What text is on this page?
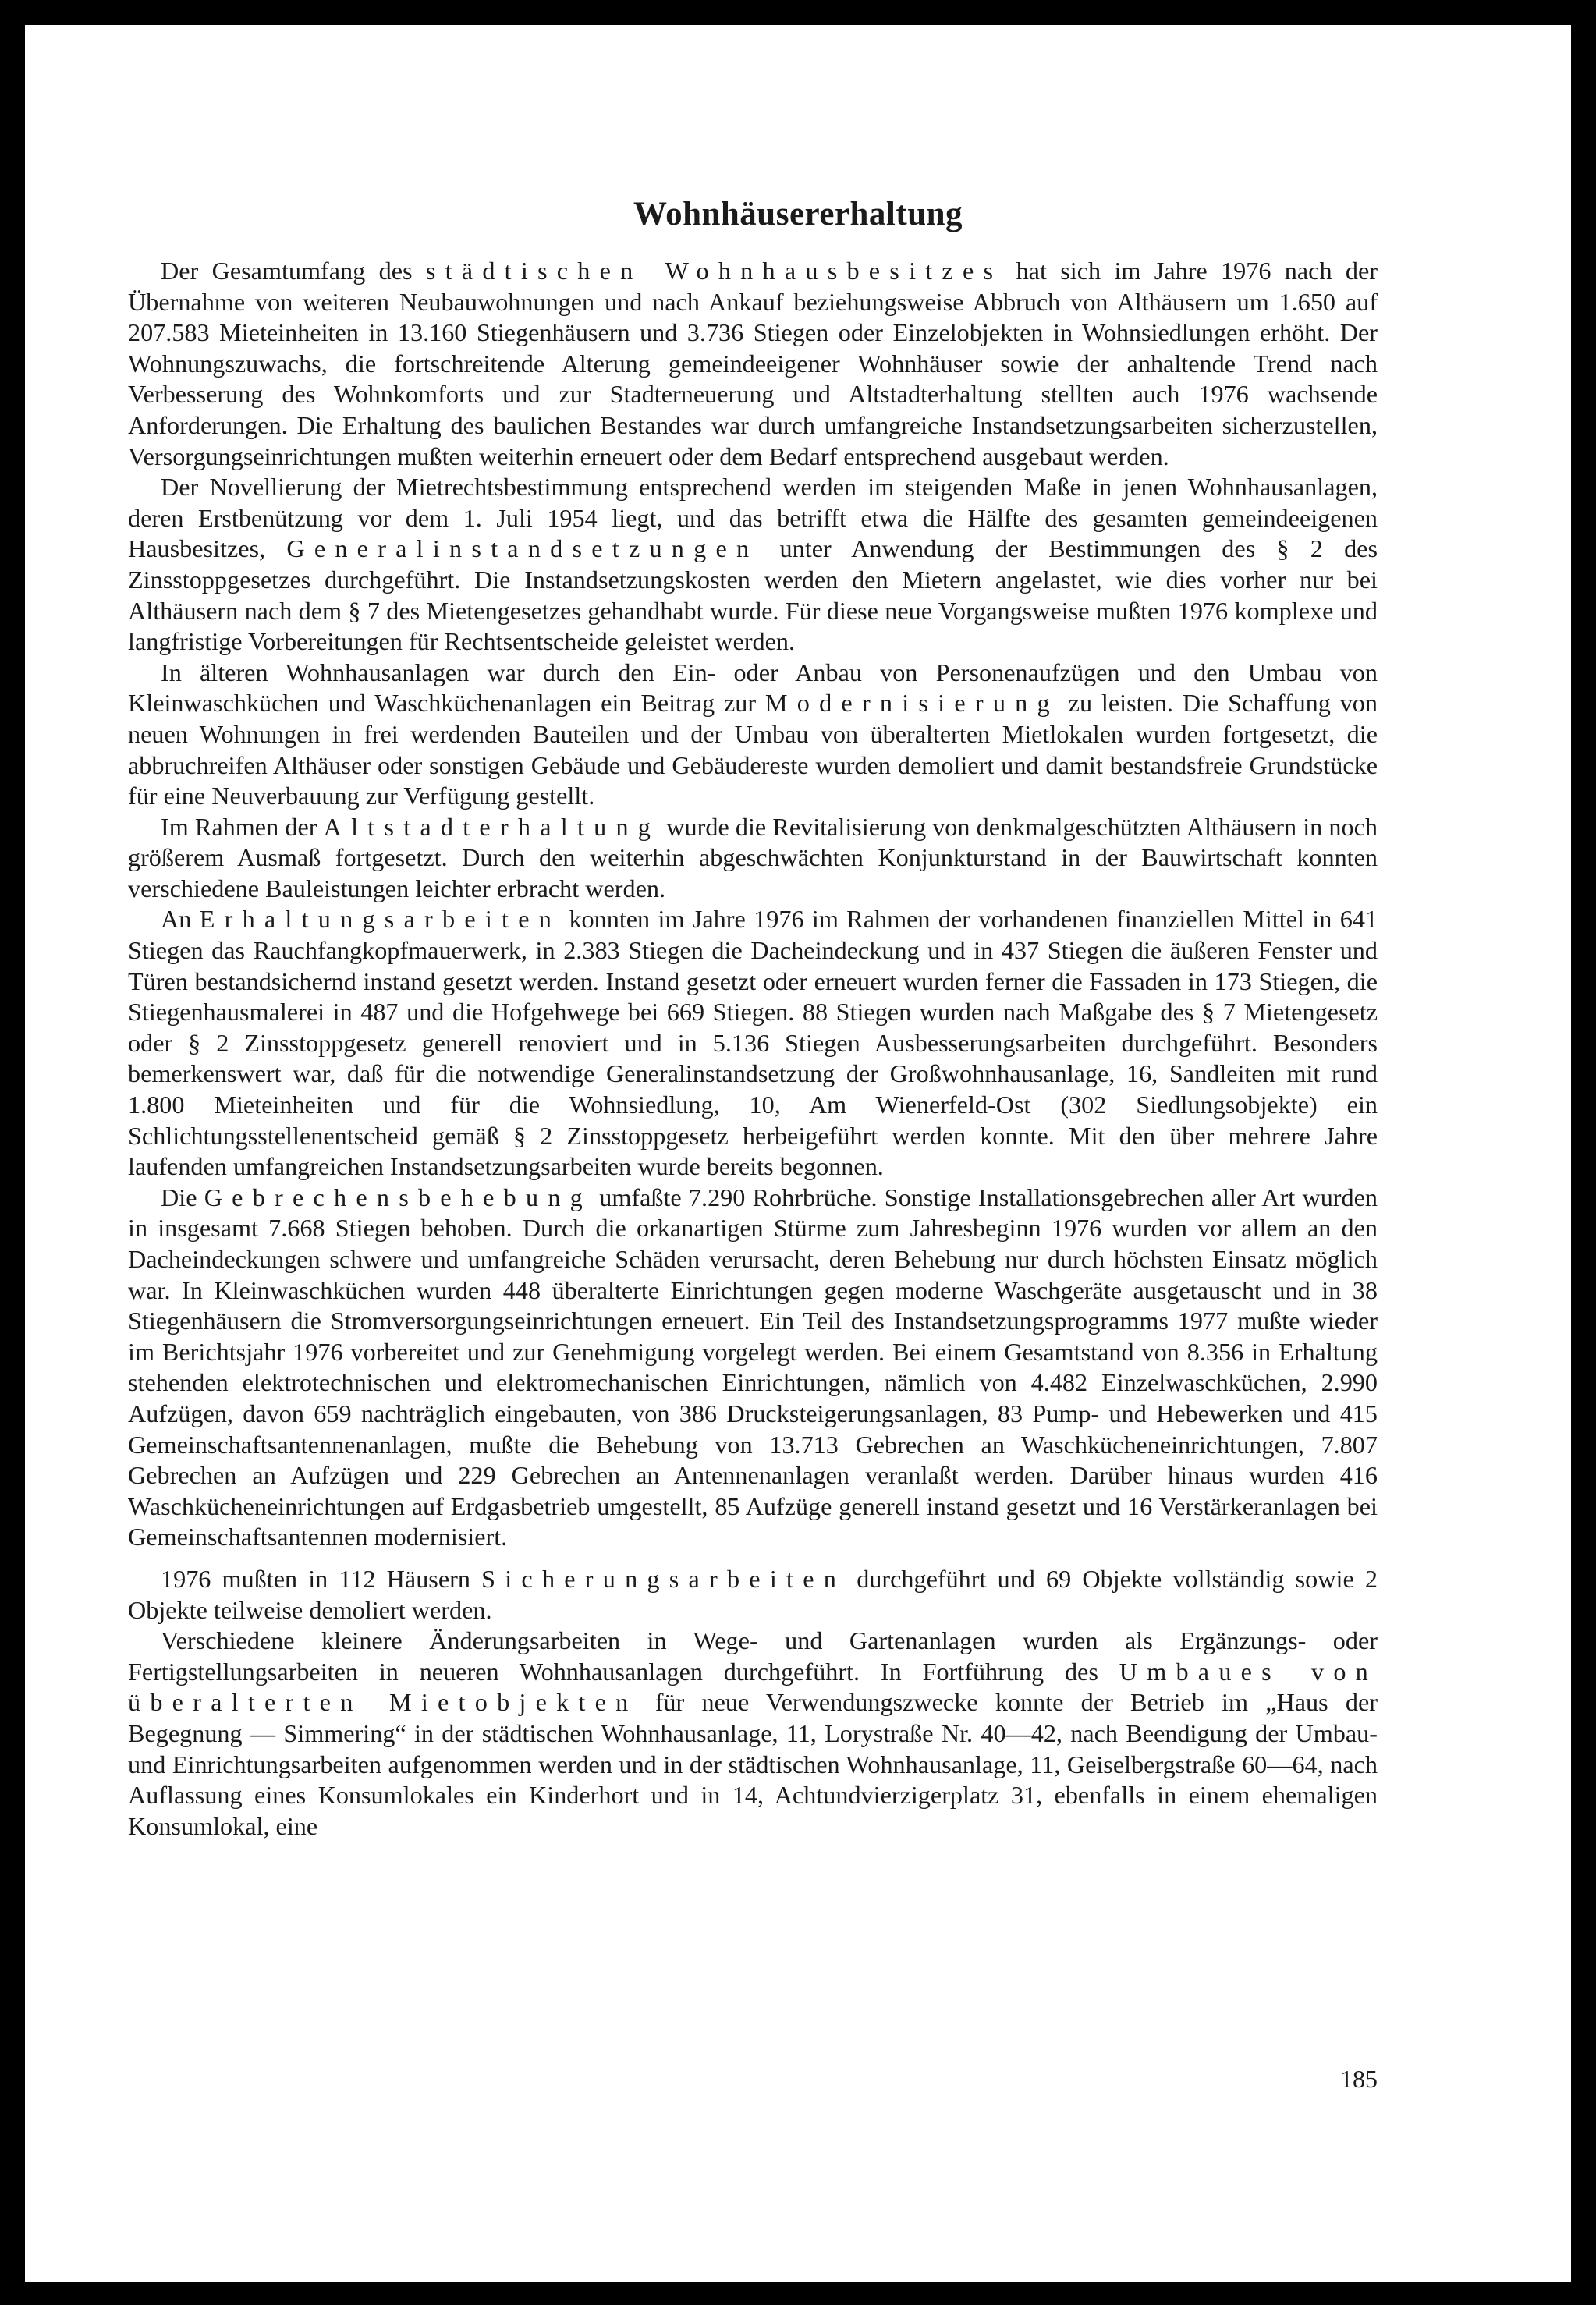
Wohnhäusererhaltung

Der Gesamtumfang des städtischen Wohnhausbesitzes hat sich im Jahre 1976 nach der Übernahme von weiteren Neubauwohnungen und nach Ankauf beziehungsweise Abbruch von Althäusern um 1.650 auf 207.583 Mieteinheiten in 13.160 Stiegenhäusern und 3.736 Stiegen oder Einzelobjekten in Wohnsiedlungen erhöht. Der Wohnungszuwachs, die fortschreitende Alterung gemeindeeigener Wohnhäuser sowie der anhaltende Trend nach Verbesserung des Wohnkomforts und zur Stadterneuerung und Altstadterhaltung stellten auch 1976 wachsende Anforderungen. Die Erhaltung des baulichen Bestandes war durch umfangreiche Instandsetzungsarbeiten sicherzustellen, Versorgungseinrichtungen mußten weiterhin erneuert oder dem Bedarf entsprechend ausgebaut werden.

Der Novellierung der Mietrechtsbestimmung entsprechend werden im steigenden Maße in jenen Wohnhausanlagen, deren Erstbenützung vor dem 1. Juli 1954 liegt, und das betrifft etwa die Hälfte des gesamten gemeindeeigenen Hausbesitzes, Generalinstandsetzungen unter Anwendung der Bestimmungen des § 2 des Zinsstoppgesetzes durchgeführt. Die Instandsetzungskosten werden den Mietern angelastet, wie dies vorher nur bei Althäusern nach dem § 7 des Mietengesetzes gehandhabt wurde. Für diese neue Vorgangsweise mußten 1976 komplexe und langfristige Vorbereitungen für Rechtsentscheide geleistet werden.

In älteren Wohnhausanlagen war durch den Ein- oder Anbau von Personenaufzügen und den Umbau von Kleinwaschküchen und Waschküchenanlagen ein Beitrag zur Modernisierung zu leisten. Die Schaffung von neuen Wohnungen in frei werdenden Bauteilen und der Umbau von überalterten Mietlokalen wurden fortgesetzt, die abbruchreifen Althäuser oder sonstigen Gebäude und Gebäudereste wurden demoliert und damit bestandsfreie Grundstücke für eine Neuverbauung zur Verfügung gestellt.

Im Rahmen der Altstadterhaltung wurde die Revitalisierung von denkmalgeschützten Althäusern in noch größerem Ausmaß fortgesetzt. Durch den weiterhin abgeschwächten Konjunkturstand in der Bauwirtschaft konnten verschiedene Bauleistungen leichter erbracht werden.

An Erhaltungsarbeiten konnten im Jahre 1976 im Rahmen der vorhandenen finanziellen Mittel in 641 Stiegen das Rauchfangkopfmauerwerk, in 2.383 Stiegen die Dacheindeckung und in 437 Stiegen die äußeren Fenster und Türen bestandsichernd instand gesetzt werden. Instand gesetzt oder erneuert wurden ferner die Fassaden in 173 Stiegen, die Stiegenhausmalerei in 487 und die Hofgehwege bei 669 Stiegen. 88 Stiegen wurden nach Maßgabe des § 7 Mietengesetz oder § 2 Zinsstoppgesetz generell renoviert und in 5.136 Stiegen Ausbesserungsarbeiten durchgeführt. Besonders bemerkenswert war, daß für die notwendige Generalinstandsetzung der Großwohnhausanlage, 16, Sandleiten mit rund 1.800 Mieteinheiten und für die Wohnsiedlung, 10, Am Wienerfeld-Ost (302 Siedlungsobjekte) ein Schlichtungsstellenentscheid gemäß § 2 Zinsstoppgesetz herbeigeführt werden konnte. Mit den über mehrere Jahre laufenden umfangreichen Instandsetzungsarbeiten wurde bereits begonnen.

Die Gebrechensbehebung umfaßte 7.290 Rohrbrüche. Sonstige Installationsgebrechen aller Art wurden in insgesamt 7.668 Stiegen behoben. Durch die orkanartigen Stürme zum Jahresbeginn 1976 wurden vor allem an den Dacheindeckungen schwere und umfangreiche Schäden verursacht, deren Behebung nur durch höchsten Einsatz möglich war. In Kleinwaschküchen wurden 448 überalterte Einrichtungen gegen moderne Waschgeräte ausgetauscht und in 38 Stiegenhäusern die Stromversorgungseinrichtungen erneuert. Ein Teil des Instandsetzungsprogramms 1977 mußte wieder im Berichtsjahr 1976 vorbereitet und zur Genehmigung vorgelegt werden. Bei einem Gesamtstand von 8.356 in Erhaltung stehenden elektrotechnischen und elektromechanischen Einrichtungen, nämlich von 4.482 Einzelwaschküchen, 2.990 Aufzügen, davon 659 nachträglich eingebauten, von 386 Drucksteigerungsanlagen, 83 Pump- und Hebewerken und 415 Gemeinschaftsantennenanlagen, mußte die Behebung von 13.713 Gebrechen an Waschkücheneinrichtungen, 7.807 Gebrechen an Aufzügen und 229 Gebrechen an Antennenanlagen veranlaßt werden. Darüber hinaus wurden 416 Waschkücheneinrichtungen auf Erdgasbetrieb umgestellt, 85 Aufzüge generell instand gesetzt und 16 Verstärkeranlagen bei Gemeinschaftsantennen modernisiert.

1976 mußten in 112 Häusern Sicherungsarbeiten durchgeführt und 69 Objekte vollständig sowie 2 Objekte teilweise demoliert werden.

Verschiedene kleinere Änderungsarbeiten in Wege- und Gartenanlagen wurden als Ergänzungs- oder Fertigstellungsarbeiten in neueren Wohnhausanlagen durchgeführt. In Fortführung des Umbaues von überalterten Mietobjekten für neue Verwendungszwecke konnte der Betrieb im „Haus der Begegnung — Simmering“ in der städtischen Wohnhausanlage, 11, Lorystraße Nr. 40—42, nach Beendigung der Umbau- und Einrichtungsarbeiten aufgenommen werden und in der städtischen Wohnhausanlage, 11, Geiselbergstraße 60—64, nach Auflassung eines Konsumlokales ein Kinderhort und in 14, Achtundvierzigerplatz 31, ebenfalls in einem ehemaligen Konsumlokal, eine

185
